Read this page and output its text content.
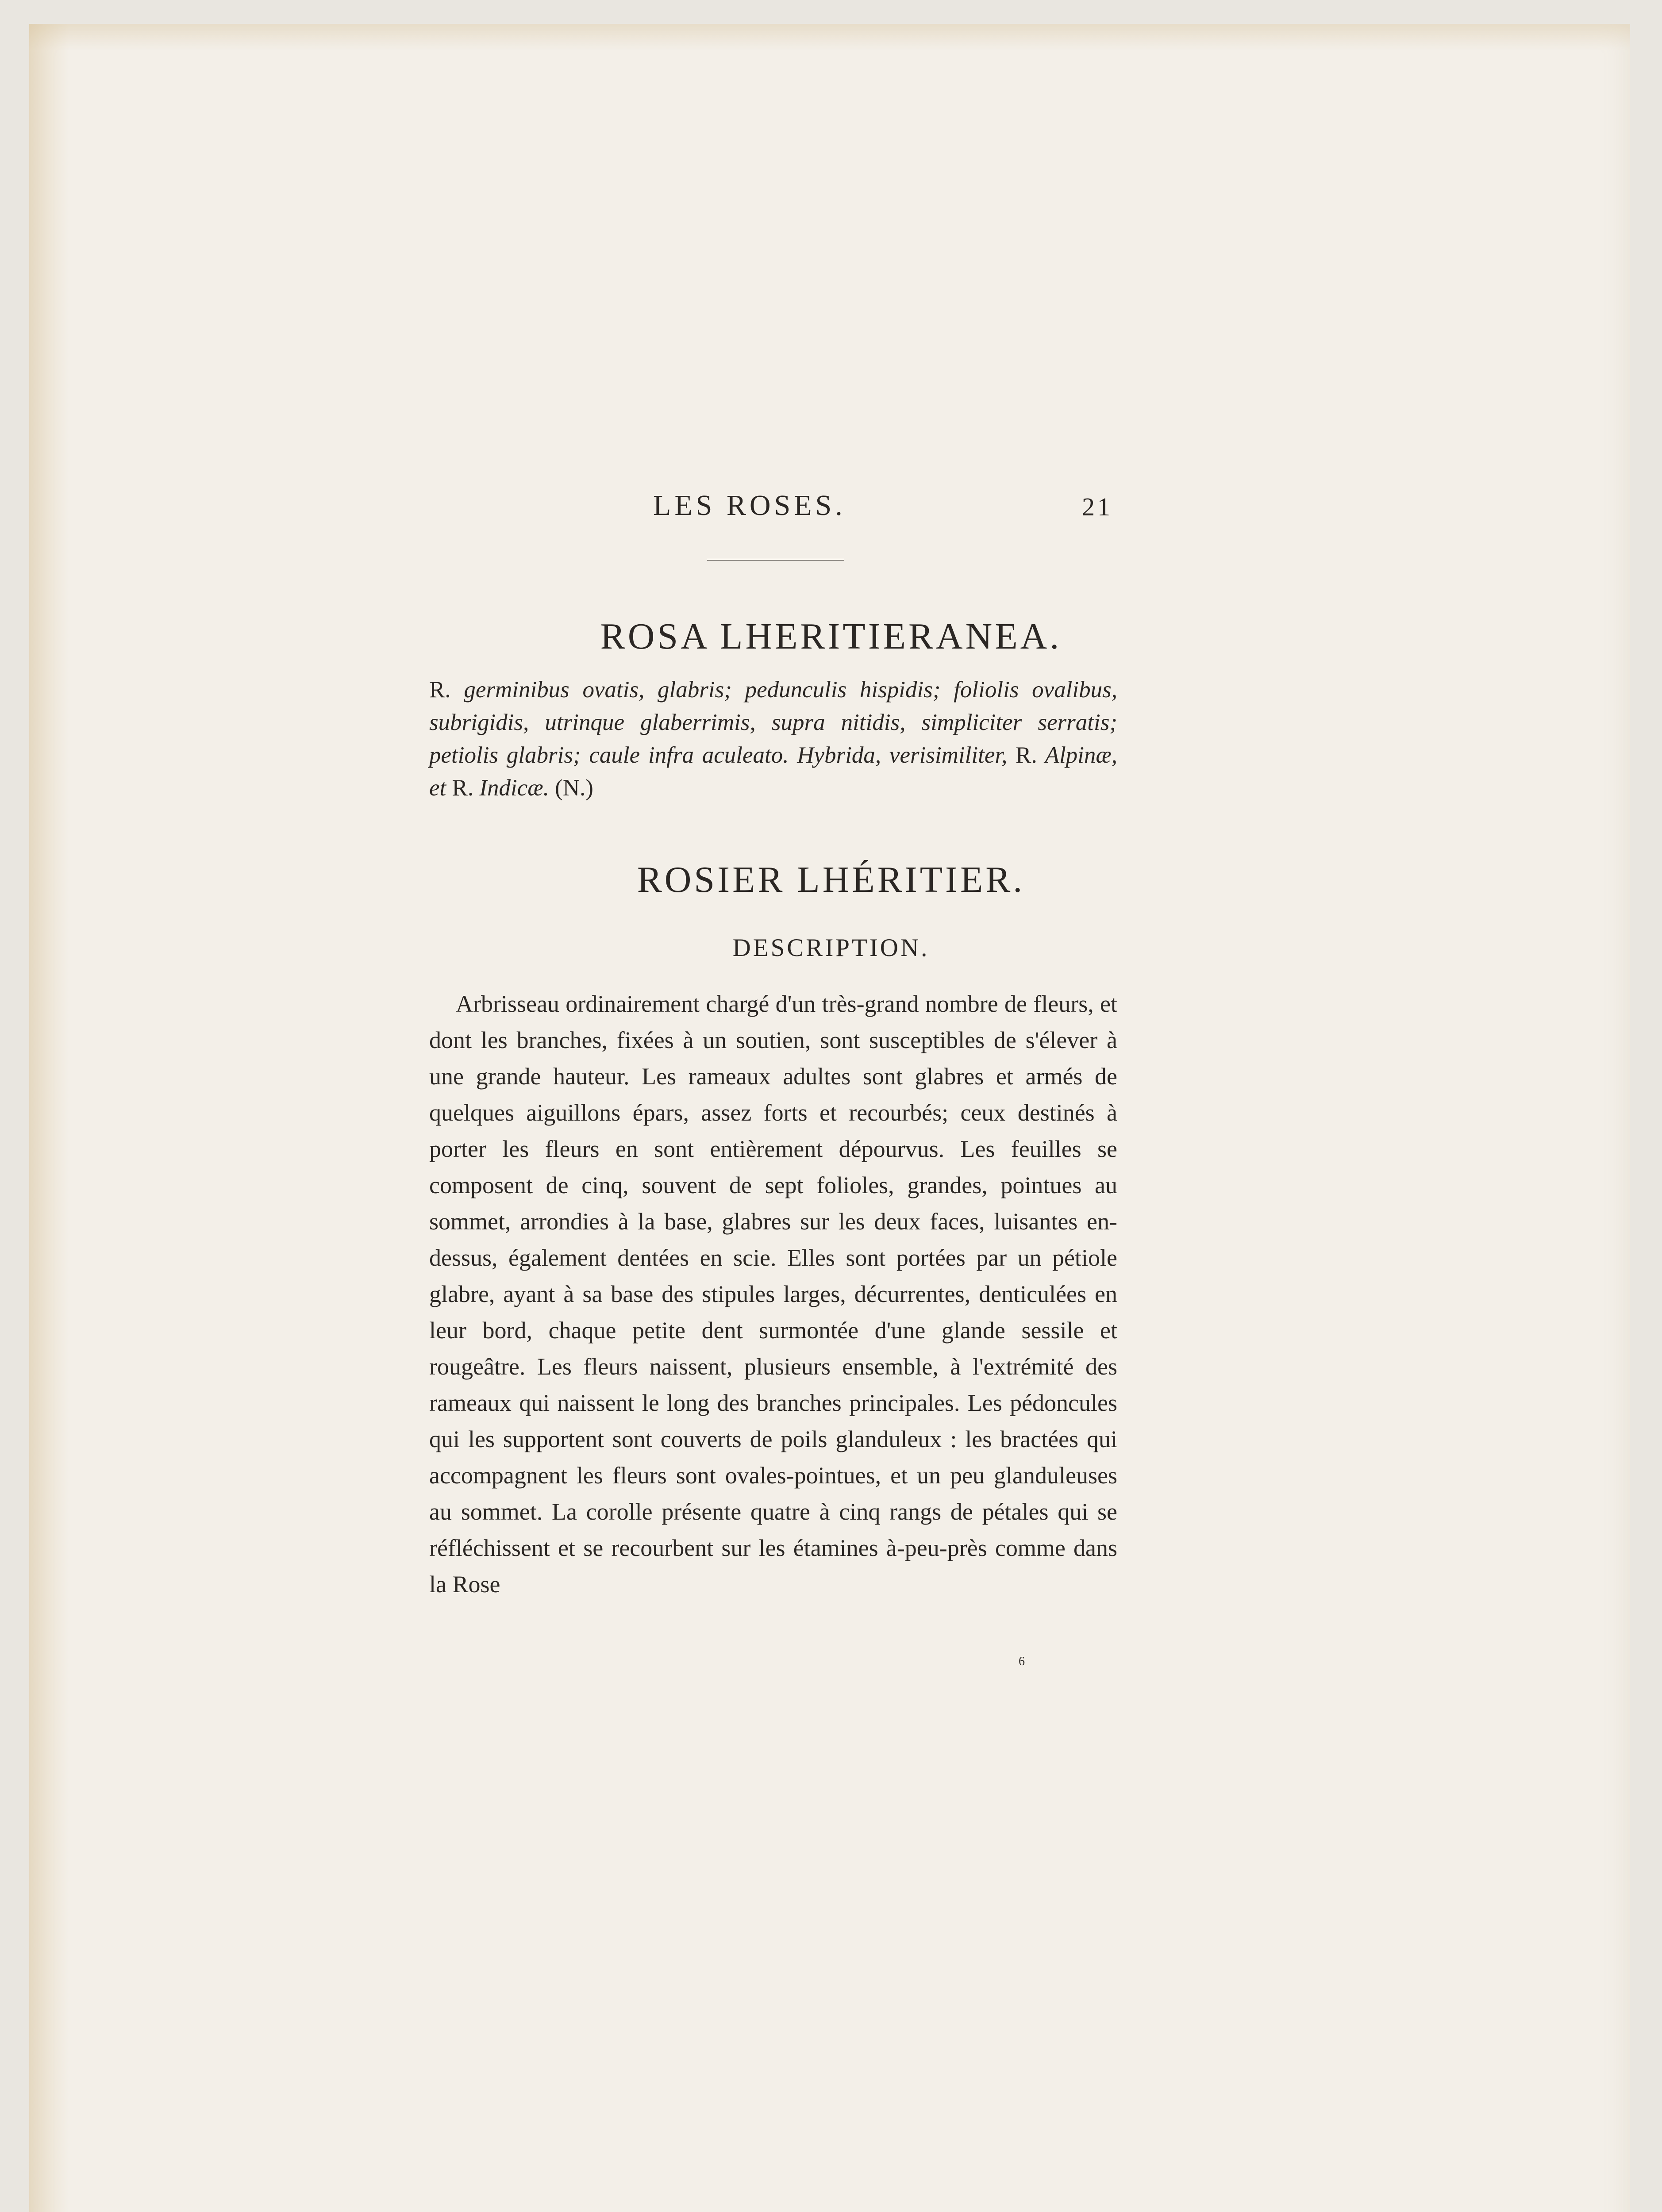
LES ROSES.	21
ROSA LHERITIERANEA.

R. germinibus ovatis, glabris; pedunculis hispidis; foliolis ovalibus, subrigidis, utrinque glaberrimis, supra nitidis, simpliciter serratis; petiolis glabris; caule infra aculeato. Hybrida, verisimiliter, R. Alpinæ, et R. Indicæ. (N.)

ROSIER LHÉRITIER.
DESCRIPTION.

Arbrisseau ordinairement chargé d'un très-grand nombre de fleurs, et dont les branches, fixées à un soutien, sont susceptibles de s'élever à une grande hauteur. Les rameaux adultes sont glabres et armés de quelques aiguillons épars, assez forts et recourbés; ceux destinés à porter les fleurs en sont entièrement dépourvus. Les feuilles se composent de cinq, souvent de sept folioles, grandes, pointues au sommet, arrondies à la base, glabres sur les deux faces, luisantes en-dessus, également dentées en scie. Elles sont portées par un pétiole glabre, ayant à sa base des stipules larges, décurrentes, denticulées en leur bord, chaque petite dent surmontée d'une glande sessile et rougeâtre. Les fleurs naissent, plusieurs ensemble, à l'extrémité des rameaux qui naissent le long des branches principales. Les pédoncules qui les supportent sont couverts de poils glanduleux : les bractées qui accompagnent les fleurs sont ovales-pointues, et un peu glanduleuses au sommet. La corolle présente quatre à cinq rangs de pétales qui se réfléchissent et se recourbent sur les étamines à-peu-près comme dans la Rose

6
